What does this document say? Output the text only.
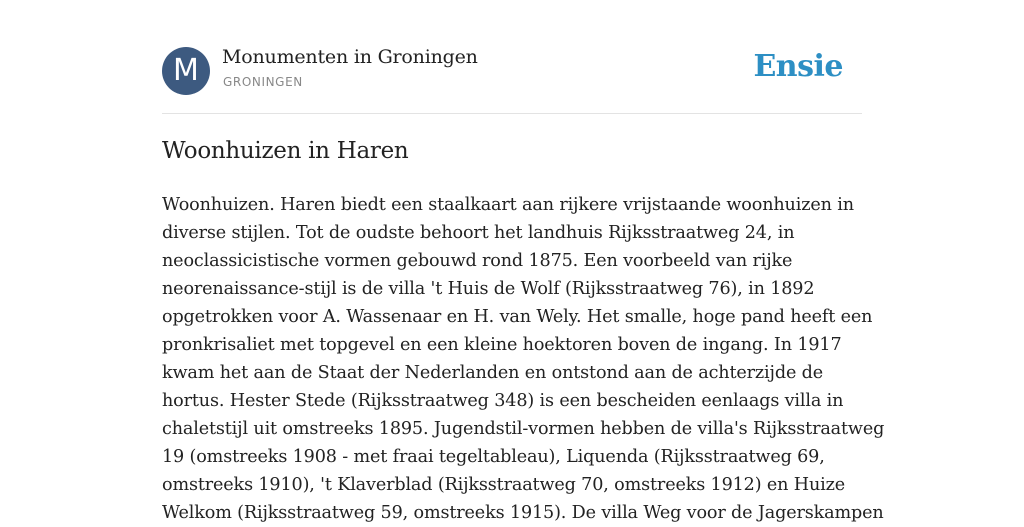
M	Monumenten in Groningen
GRONINGEN	Ensie
Woonhuizen in Haren
Woonhuizen. Haren biedt een staalkaart aan rijkere vrijstaande woonhuizen in
diverse stijlen. Tot de oudste behoort het landhuis Rijksstraatweg 24, in
neoclassicistische vormen gebouwd rond 1875. Een voorbeeld van rijke
neorenaissance-stijl is de villa 't Huis de Wolf (Rijksstraatweg 76), in 1892
opgetrokken voor A. Wassenaar en H. van Wely. Het smalle, hoge pand heeft een
pronkrisaliet met topgevel en een kleine hoektoren boven de ingang. In 1917
kwam het aan de Staat der Nederlanden en ontstond aan de achterzijde de
hortus. Hester Stede (Rijksstraatweg 348) is een bescheiden eenlaags villa in
chaletstijl uit omstreeks 1895. Jugendstil-vormen hebben de villa's Rijksstraatweg
19 (omstreeks 1908 - met fraai tegeltableau), Liquenda (Rijksstraatweg 69,
omstreeks 1910), 't Klaverblad (Rijksstraatweg 70, omstreeks 1912) en Huize
Welkom (Rijksstraatweg 59, omstreeks 1915). De villa Weg voor de Jagerskampen
